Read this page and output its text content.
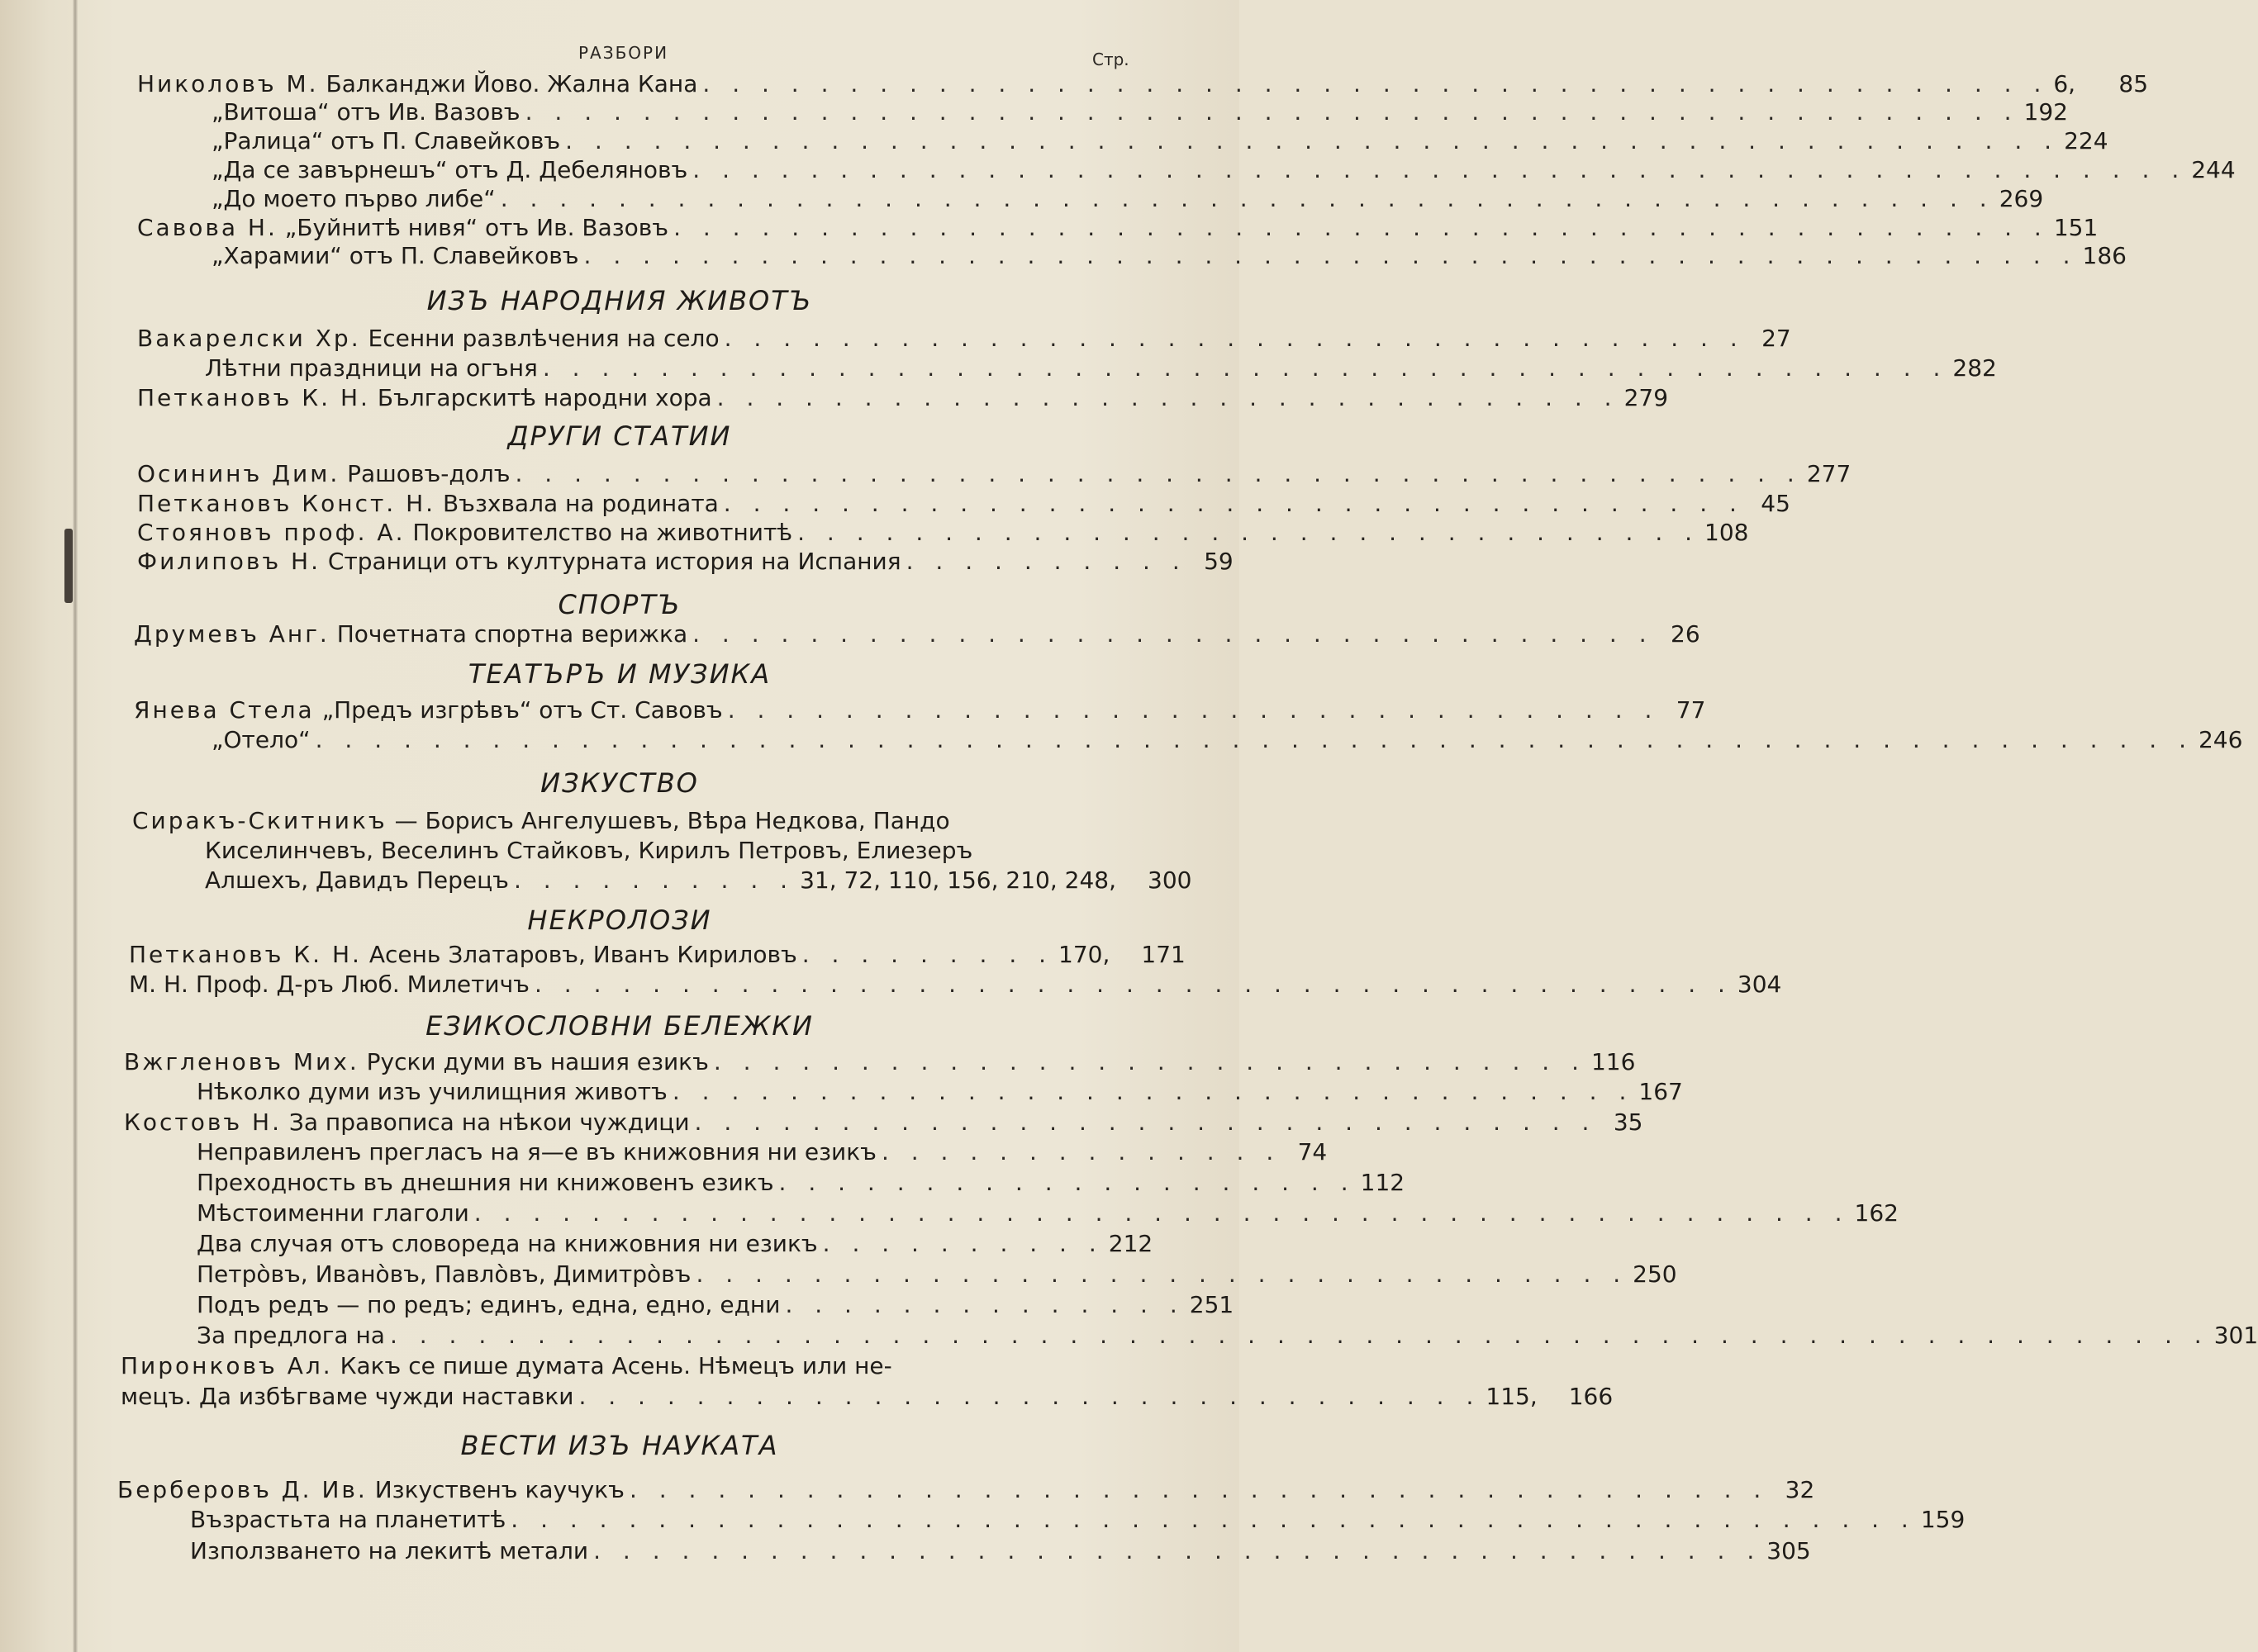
РАЗБОРИ	Стр.
Николовъ М. Балканджи Йово. Жална Кана . . . . . . . . . . . . . . . . . . . . . . . . . . . . . . . . . . . . . . . . . . . . . . 6,	85
„Витоша“ отъ Ив. Вазовъ . . . . . . . . . . . . . . . . . . . . . . . . . . . . . . . . . . . . . . . . . . . . . . . . . . . 192
„Ралица“ отъ П. Славейковъ . . . . . . . . . . . . . . . . . . . . . . . . . . . . . . . . . . . . . . . . . . . . . . . . . . . 224
„Да се завърнешъ“ отъ Д. Дебеляновъ . . . . . . . . . . . . . . . . . . . . . . . . . . . . . . . . . . . . . . . . . . . . . . . . . . . 244
„До моето първо либе“ . . . . . . . . . . . . . . . . . . . . . . . . . . . . . . . . . . . . . . . . . . . . . . . . . . . 269
Савова Н. „Буйнитѣ нивя“ отъ Ив. Вазовъ . . . . . . . . . . . . . . . . . . . . . . . . . . . . . . . . . . . . . . . . . . . . . . . 151
„Харамии“ отъ П. Славейковъ . . . . . . . . . . . . . . . . . . . . . . . . . . . . . . . . . . . . . . . . . . . . . . . . . . . 186
ИЗЪ НАРОДНИЯ ЖИВОТЪ
Вакарелски Хр. Есенни развлѣчения на село . . . . . . . . . . . . . . . . . . . . . . . . . . . . . . . . . . . 27
Лѣтни праздници на огъня . . . . . . . . . . . . . . . . . . . . . . . . . . . . . . . . . . . . . . . . . . . . . . . . 282
Петкановъ К. Н. Българскитѣ народни хора . . . . . . . . . . . . . . . . . . . . . . . . . . . . . . . 279
ДРУГИ СТАТИИ
Осининъ Дим. Рашовъ-долъ . . . . . . . . . . . . . . . . . . . . . . . . . . . . . . . . . . . . . . . . . . . . 277
Петкановъ Конст. Н. Възхвала на родината . . . . . . . . . . . . . . . . . . . . . . . . . . . . . . . . . . . 45
Стояновъ проф. А. Покровителство на животнитѣ . . . . . . . . . . . . . . . . . . . . . . . . . . . . . . . 108
Филиповъ Н. Страници отъ културната история на Испания . . . . . . . . . . 59
СПОРТЪ
Друмевъ Анг. Почетната спортна верижка . . . . . . . . . . . . . . . . . . . . . . . . . . . . . . . . . 26
ТЕАТЪРЪ И МУЗИКА
Янева Стела „Предъ изгрѣвъ“ отъ Ст. Савовъ . . . . . . . . . . . . . . . . . . . . . . . . . . . . . . . . 77
„Отело“ . . . . . . . . . . . . . . . . . . . . . . . . . . . . . . . . . . . . . . . . . . . . . . . . . . . . . . . . . . . . . . . . 246
ИЗКУСТВО
Сиракъ-Скитникъ — Борисъ Ангелушевъ, Вѣра Недкова, Пандо
Киселинчевъ, Веселинъ Стайковъ, Кирилъ Петровъ, Елиезеръ
Алшехъ, Давидъ Перецъ . . . . . . . . . . 31, 72, 110, 156, 210, 248, 300
НЕКРОЛОЗИ
Петкановъ К. Н. Асень Златаровъ, Иванъ Кириловъ . . . . . . . . . 170, 171
М. Н. Проф. Д-ръ Люб. Милетичъ . . . . . . . . . . . . . . . . . . . . . . . . . . . . . . . . . . . . . . . . . 304
ЕЗИКОСЛОВНИ БЕЛЕЖКИ
Вжгленовъ Мих. Руски думи въ нашия езикъ . . . . . . . . . . . . . . . . . . . . . . . . . . . . . . 116
Нѣколко думи изъ училищния животъ . . . . . . . . . . . . . . . . . . . . . . . . . . . . . . . . . 167
Костовъ Н. За правописа на нѣкои чуждици . . . . . . . . . . . . . . . . . . . . . . . . . . . . . . . 35
Неправиленъ преглаcъ на я—е въ книжовния ни езикъ . . . . . . . . . . . . . . 74
Преходность въ днешния ни книжовенъ езикъ . . . . . . . . . . . . . . . . . . . . 112
Мѣстоименни глаголи . . . . . . . . . . . . . . . . . . . . . . . . . . . . . . . . . . . . . . . . . . . . . . . 162
Два случая отъ словореда на книжовния ни езикъ . . . . . . . . . . 212
Петро̀въ, Ивано̀въ, Павло̀въ, Димитро̀въ . . . . . . . . . . . . . . . . . . . . . . . . . . . . . . . . 250
Подъ редъ — по редъ; единъ, една, едно, едни . . . . . . . . . . . . . . 251
За предлога на . . . . . . . . . . . . . . . . . . . . . . . . . . . . . . . . . . . . . . . . . . . . . . . . . . . . . . . . . . . . . . 301
Пиронковъ Ал. Какъ се пише думата Асень. Нѣмецъ или не-
мецъ. Да избѣгваме чужди наставки . . . . . . . . . . . . . . . . . . . . . . . . . . . . . . . 115, 166
ВЕСТИ ИЗЪ НАУКАТА
Берберовъ Д. Ив. Изкуственъ каучукъ . . . . . . . . . . . . . . . . . . . . . . . . . . . . . . . . . . . . . . . 32
Възрастьта на планетитѣ . . . . . . . . . . . . . . . . . . . . . . . . . . . . . . . . . . . . . . . . . . . . . . . . 159
Използването на лекитѣ метали . . . . . . . . . . . . . . . . . . . . . . . . . . . . . . . . . . . . . . . . 305
